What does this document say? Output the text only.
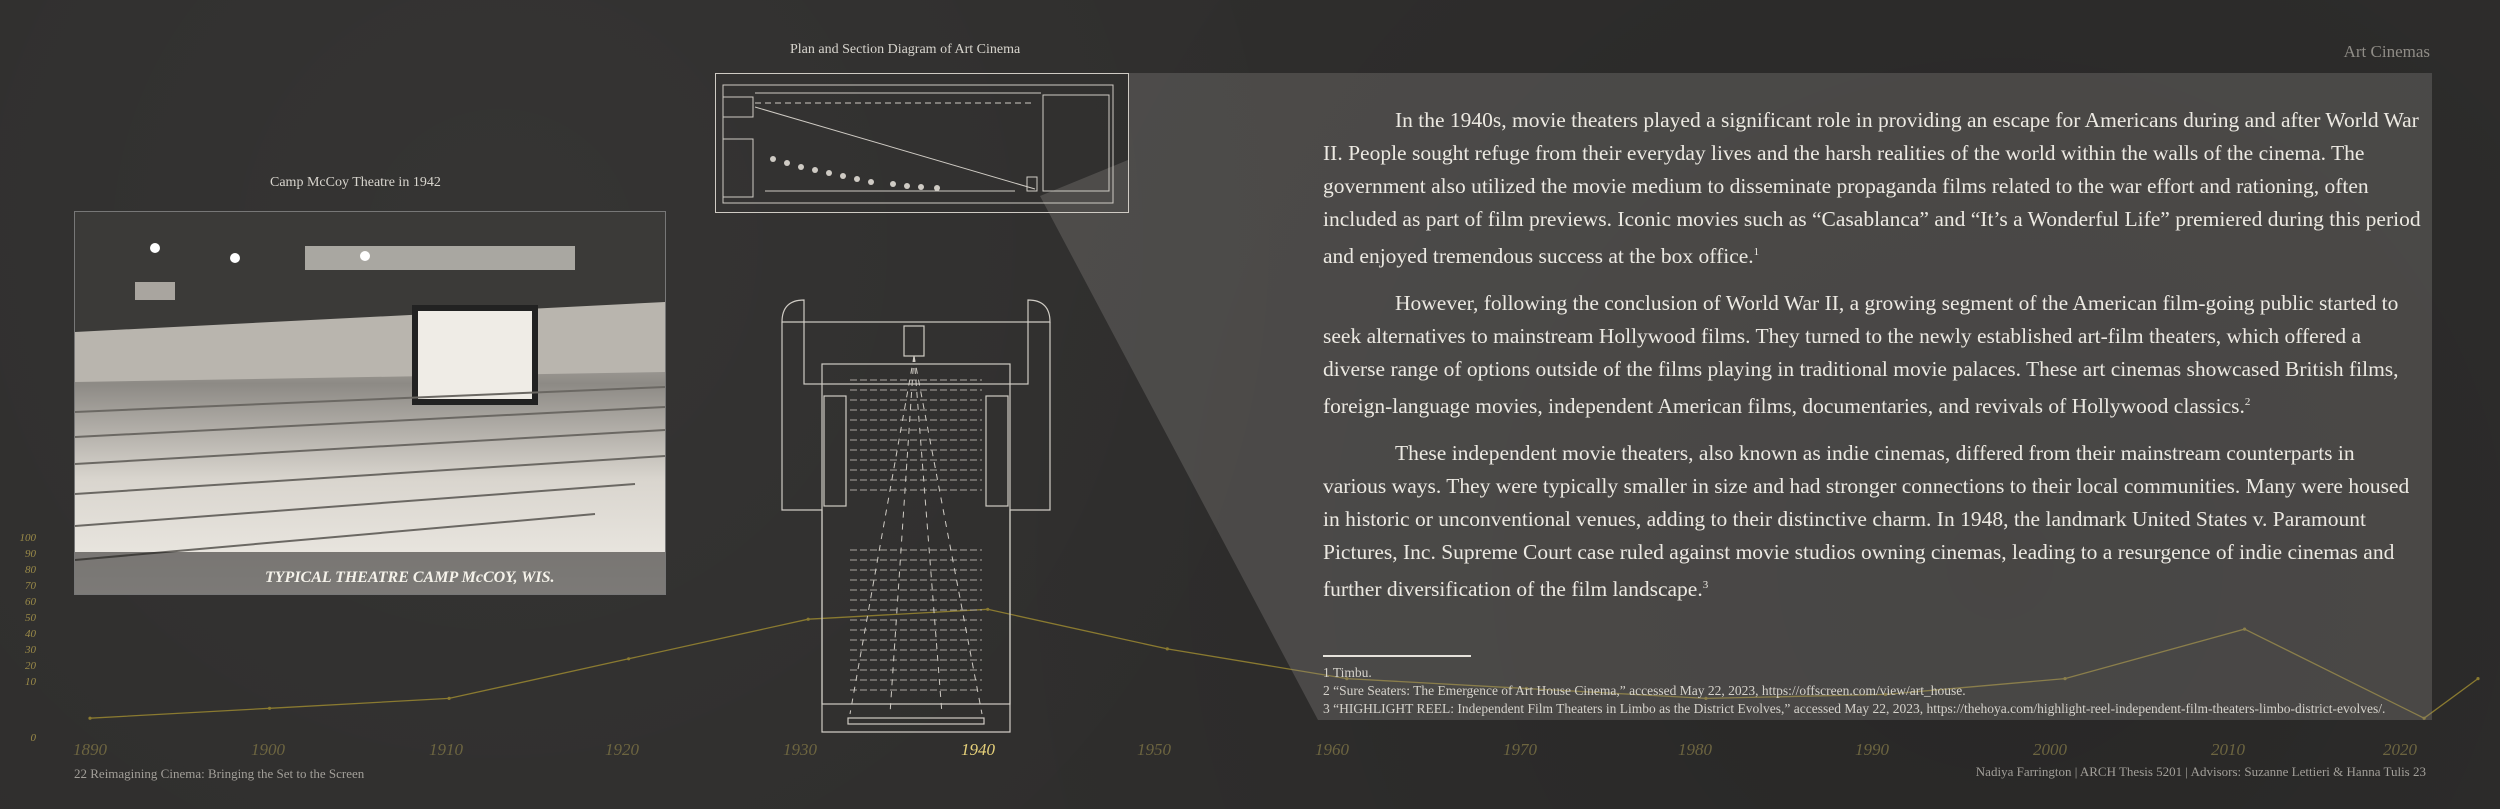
100
90
80
70
60
50
40
30
20
10
0
1890	1900	1910	1920	1930	1940	1950	1960	1970	1980	1990	2000	2010	2020
Art Cinemas
Plan and Section Diagram of Art Cinema
Camp McCoy Theatre in 1942
TYPICAL THEATRE CAMP McCOY, WIS.

In the 1940s, movie theaters played a significant role in providing an escape for Americans during and after World War II. People sought refuge from their everyday lives and the harsh realities of the world within the walls of the cinema. The government also utilized the movie medium to disseminate propaganda films related to the war effort and rationing, often included as part of film previews. Iconic movies such as “Casablanca” and “It’s a Wonderful Life” premiered during this period and enjoyed tremendous success at the box office.$^1$

However, following the conclusion of World War II, a growing segment of the American film-going public started to seek alternatives to mainstream Hollywood films. They turned to the newly established art-film theaters, which offered a diverse range of options outside of the films playing in traditional movie palaces. These art cinemas showcased British films, foreign-language movies, independent American films, documentaries, and revivals of Hollywood classics.$^2$

These independent movie theaters, also known as indie cinemas, differed from their mainstream counterparts in various ways. They were typically smaller in size and had stronger connections to their local communities. Many were housed in historic or unconventional venues, adding to their distinctive charm. In 1948, the landmark United States v. Paramount Pictures, Inc. Supreme Court case ruled against movie studios owning cinemas, leading to a resurgence of indie cinemas and further diversification of the film landscape.$^3$

1 Timbu.
2 “Sure Seaters: The Emergence of Art House Cinema,” accessed May 22, 2023, https://offscreen.com/view/art_house.
3 “HIGHLIGHT REEL: Independent Film Theaters in Limbo as the District Evolves,” accessed May 22, 2023, https://thehoya.com/highlight-reel-independent-film-theaters-limbo-district-evolves/.
22 Reimagining Cinema: Bringing the Set to the Screen	Nadiya Farrington | ARCH Thesis 5201 | Advisors: Suzanne Lettieri & Hanna Tulis 23
